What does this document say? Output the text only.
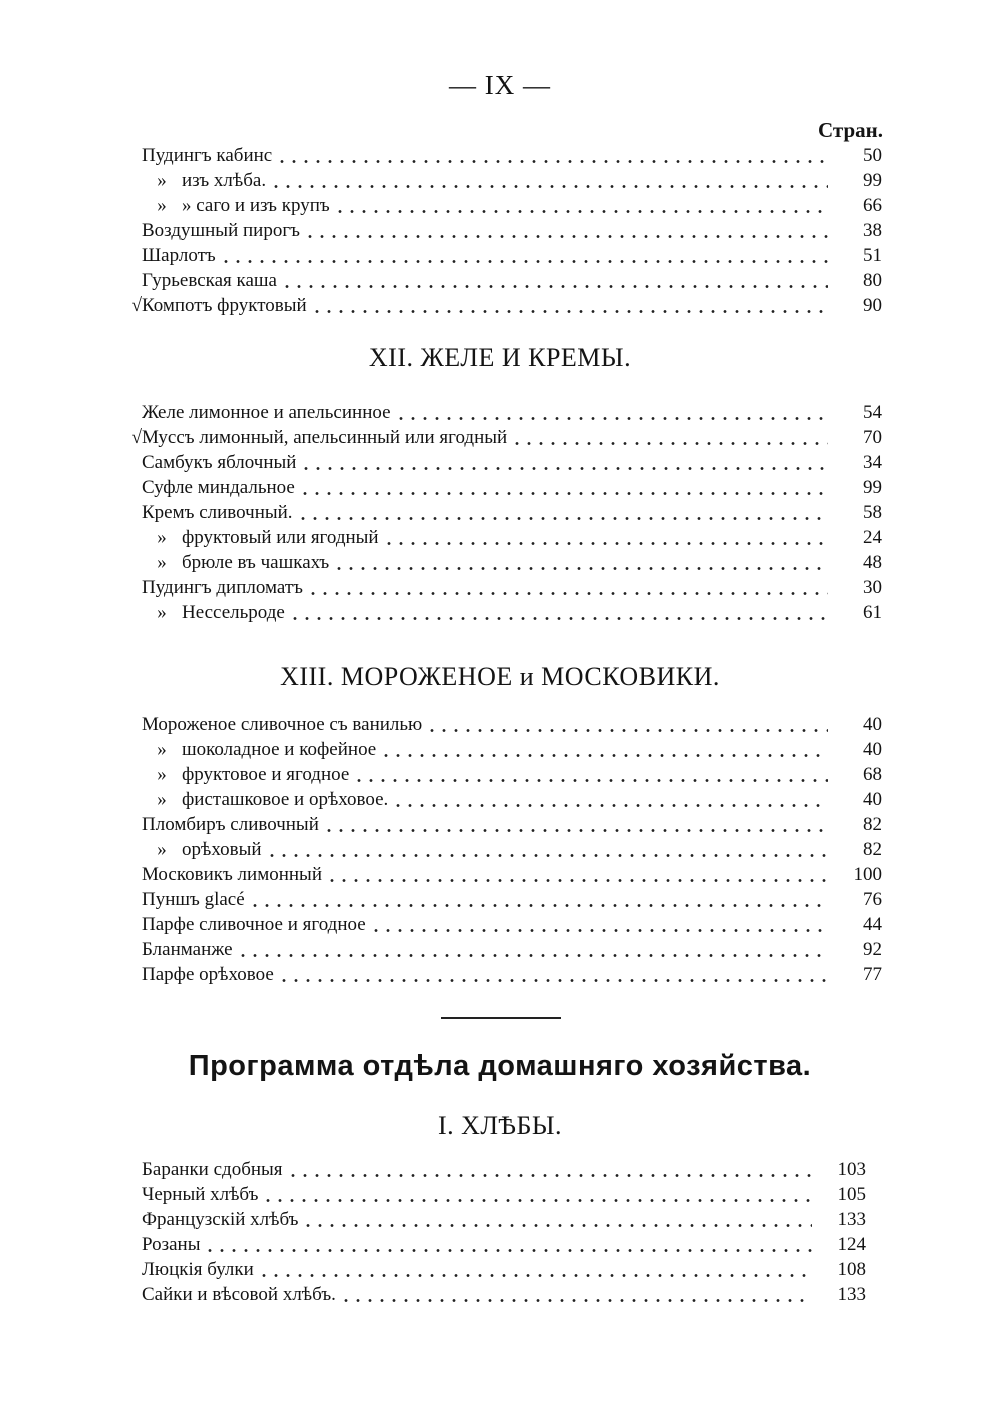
— IX —
Стран.
Пудингъ кабинc	50
» изъ хлѣба.	99
» » саго и изъ крупъ	66
Воздушный пирогъ	38
Шарлотъ	51
Гурьевская каша	80
√ Компотъ фруктовый	90
XII. ЖЕЛЕ И КРЕМЫ.
Желе лимонное и апельсинное	54
√ Муссъ лимонный, апельсинный или ягодный	70
Самбукъ яблочный	34
Суфле миндальное	99
Кремъ сливочный.	58
» фруктовый или ягодный	24
» брюле въ чашкахъ	48
Пудингъ дипломатъ	30
» Нессельроде	61
XIII. МОРОЖЕНОЕ и МОСКОВИКИ.
Мороженое сливочное съ ванилью	40
» шоколадное и кофейное	40
» фруктовое и ягодное	68
» фисташковое и орѣховое.	40
Пломбиръ сливочный	82
» орѣховый	82
Московикъ лимонный	100
Пуншъ glacé	76
Парфе сливочное и ягодное	44
Бланманже	92
Парфе орѣховое	77
Программа отдѣла домашняго хозяйства.
I. ХЛѢБЫ.
Баранки сдобныя	103
Черный хлѣбъ	105
Французскій хлѣбъ	133
Розаны	124
Люцкія булки	108
Сайки и вѣсовой хлѣбъ.	133
